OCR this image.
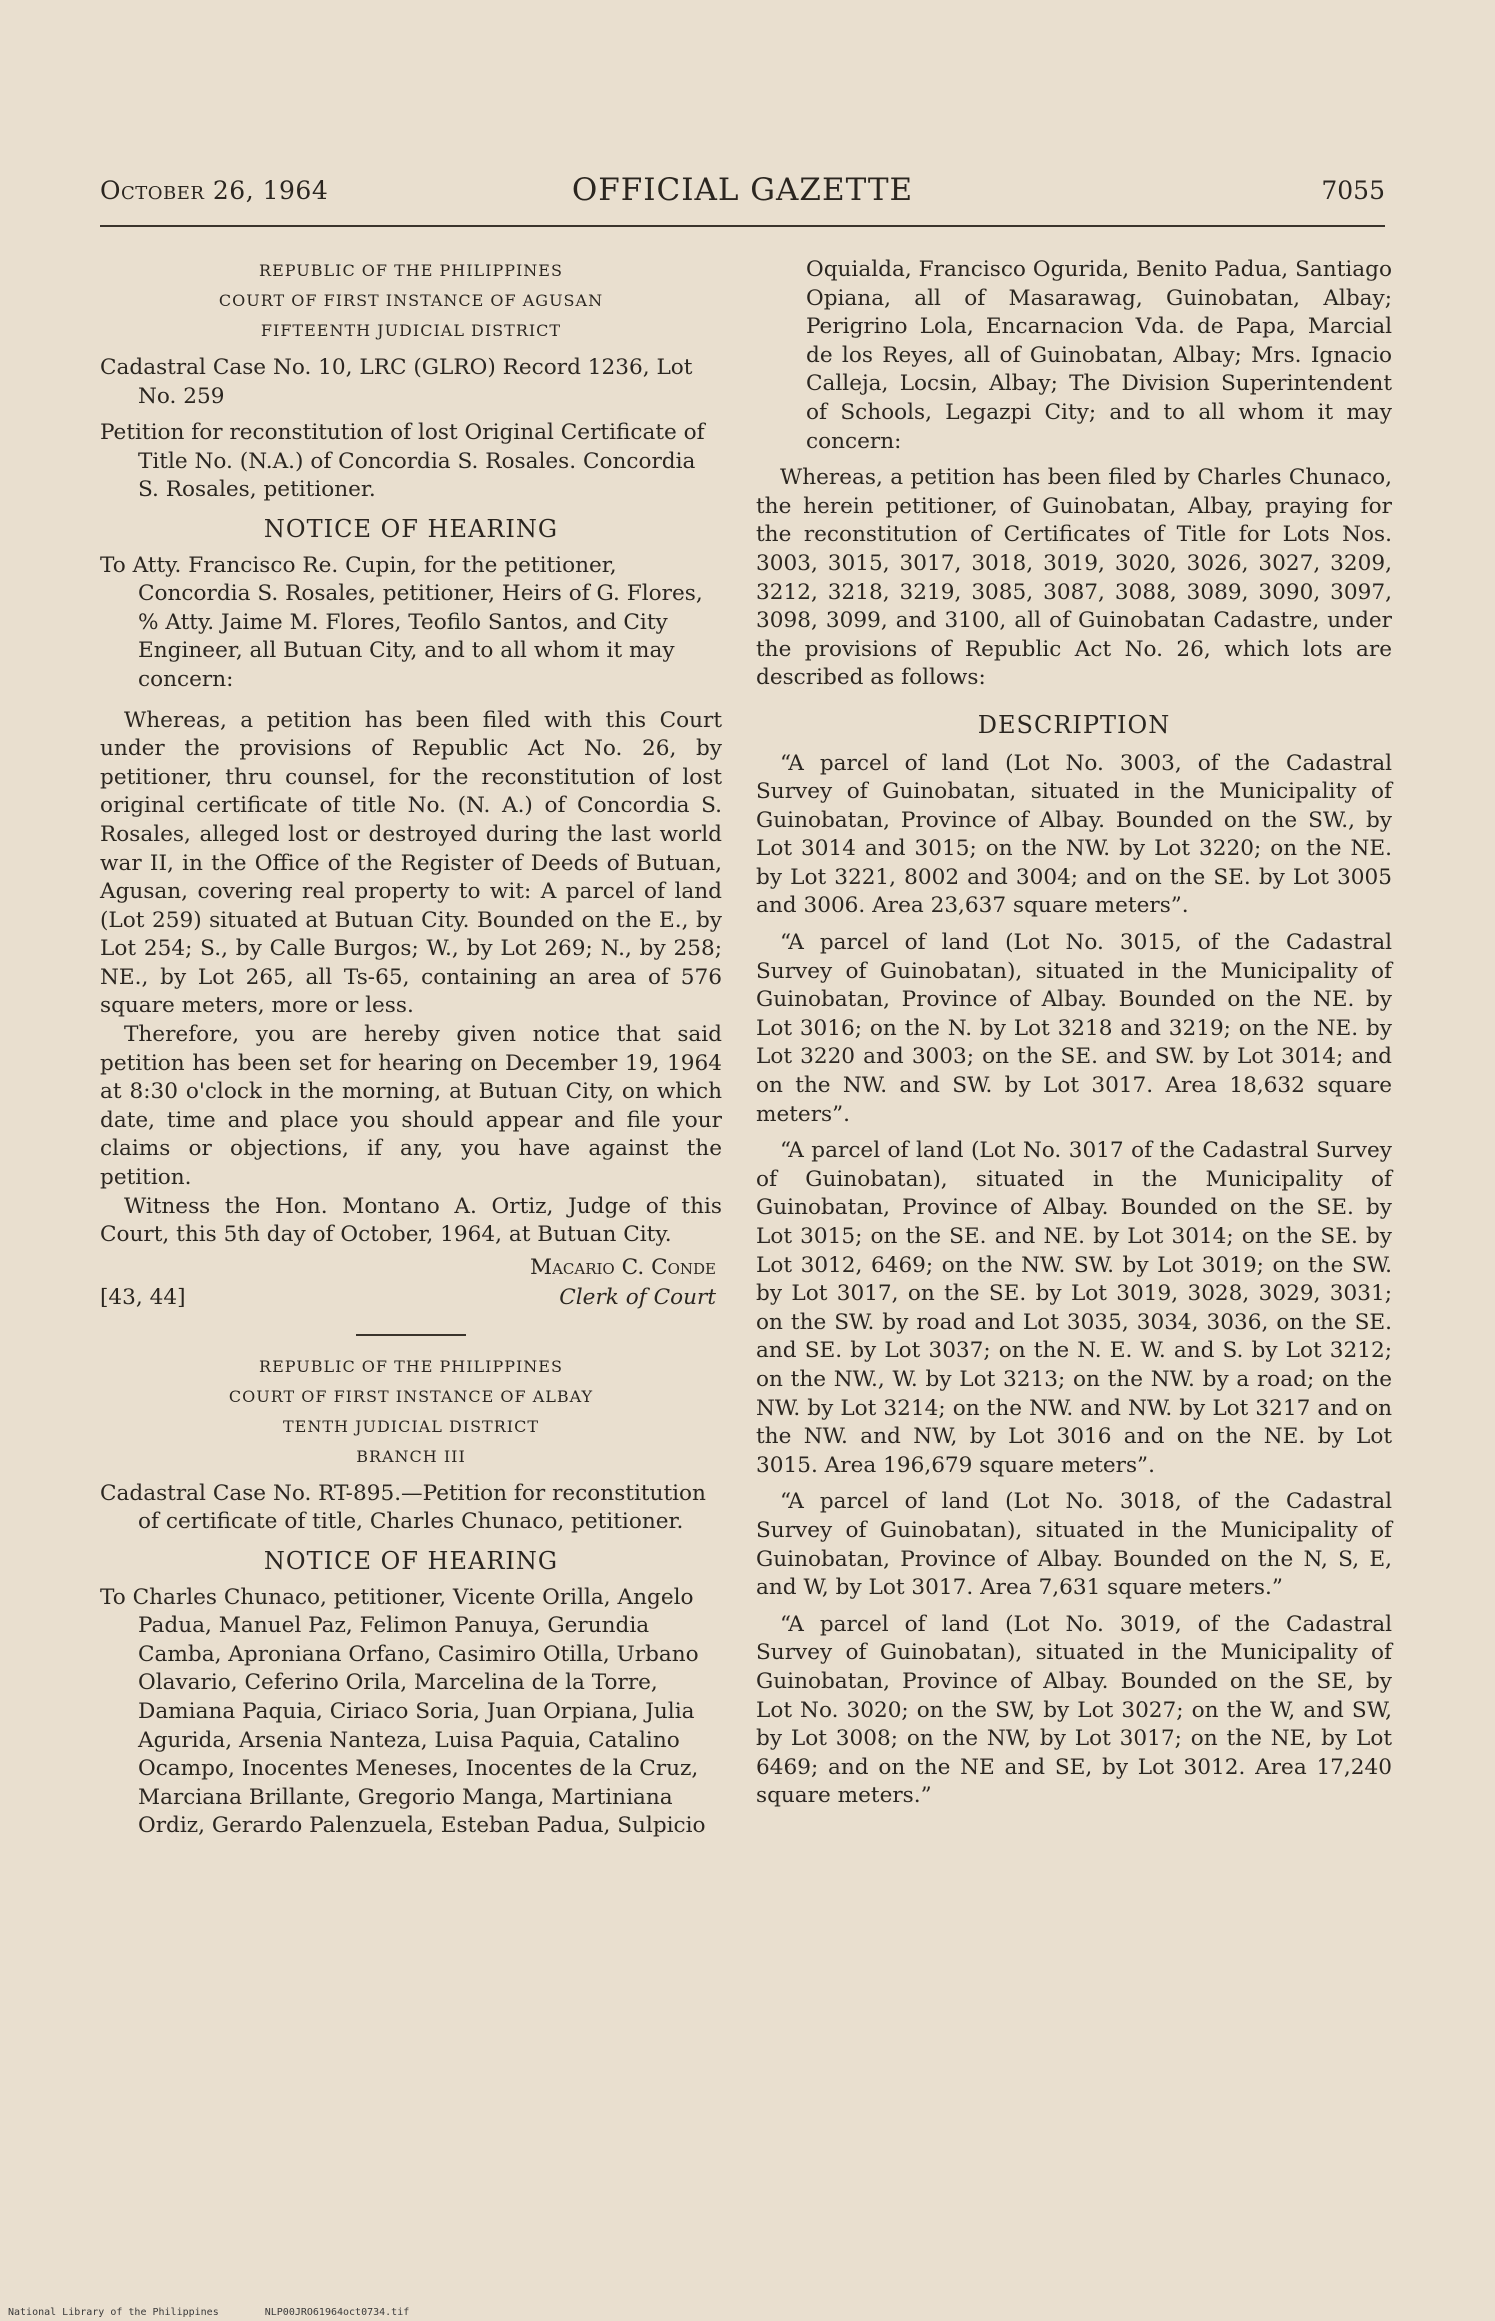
October 26, 1964	OFFICIAL GAZETTE	7055
REPUBLIC OF THE PHILIPPINES
COURT OF FIRST INSTANCE OF AGUSAN
FIFTEENTH JUDICIAL DISTRICT
Cadastral Case No. 10, LRC (GLRO) Record 1236, Lot No. 259
Petition for reconstitution of lost Original Certificate of Title No. (N.A.) of Concordia S. Rosales. Concordia S. Rosales, petitioner.
NOTICE OF HEARING
To Atty. Francisco Re. Cupin, for the petitioner, Concordia S. Rosales, petitioner, Heirs of G. Flores, % Atty. Jaime M. Flores, Teofilo Santos, and City Engineer, all Butuan City, and to all whom it may concern:

Whereas, a petition has been filed with this Court under the provisions of Republic Act No. 26, by petitioner, thru counsel, for the reconstitution of lost original certificate of title No. (N. A.) of Concordia S. Rosales, alleged lost or destroyed during the last world war II, in the Office of the Register of Deeds of Butuan, Agusan, covering real property to wit: A parcel of land (Lot 259) situated at Butuan City. Bounded on the E., by Lot 254; S., by Calle Burgos; W., by Lot 269; N., by 258; NE., by Lot 265, all Ts-65, containing an area of 576 square meters, more or less.

Therefore, you are hereby given notice that said petition has been set for hearing on December 19, 1964 at 8:30 o'clock in the morning, at Butuan City, on which date, time and place you should appear and file your claims or objections, if any, you have against the petition.

Witness the Hon. Montano A. Ortiz, Judge of this Court, this 5th day of October, 1964, at Butuan City.

Macario C. Conde
[43, 44]	Clerk of Court
REPUBLIC OF THE PHILIPPINES
COURT OF FIRST INSTANCE OF ALBAY
TENTH JUDICIAL DISTRICT
BRANCH III
Cadastral Case No. RT-895.—Petition for reconstitution of certificate of title, Charles Chunaco, petitioner.
NOTICE OF HEARING
To Charles Chunaco, petitioner, Vicente Orilla, Angelo Padua, Manuel Paz, Felimon Panuya, Gerundia Camba, Aproniana Orfano, Casimiro Otilla, Urbano Olavario, Ceferino Orila, Marcelina de la Torre, Damiana Paquia, Ciriaco Soria, Juan Orpiana, Julia Agurida, Arsenia Nanteza, Luisa Paquia, Catalino Ocampo, Inocentes Meneses, Inocentes de la Cruz, Marciana Brillante, Gregorio Manga, Martiniana Ordiz, Gerardo Palenzuela, Esteban Padua, Sulpicio
Oquialda, Francisco Ogurida, Benito Padua, Santiago Opiana, all of Masarawag, Guinobatan, Albay; Perigrino Lola, Encarnacion Vda. de Papa, Marcial de los Reyes, all of Guinobatan, Albay; Mrs. Ignacio Calleja, Locsin, Albay; The Division Superintendent of Schools, Legazpi City; and to all whom it may concern:

Whereas, a petition has been filed by Charles Chunaco, the herein petitioner, of Guinobatan, Albay, praying for the reconstitution of Certificates of Title for Lots Nos. 3003, 3015, 3017, 3018, 3019, 3020, 3026, 3027, 3209, 3212, 3218, 3219, 3085, 3087, 3088, 3089, 3090, 3097, 3098, 3099, and 3100, all of Guinobatan Cadastre, under the provisions of Republic Act No. 26, which lots are described as follows:

DESCRIPTION

“A parcel of land (Lot No. 3003, of the Cadastral Survey of Guinobatan, situated in the Municipality of Guinobatan, Province of Albay. Bounded on the SW., by Lot 3014 and 3015; on the NW. by Lot 3220; on the NE. by Lot 3221, 8002 and 3004; and on the SE. by Lot 3005 and 3006. Area 23,637 square meters”.

“A parcel of land (Lot No. 3015, of the Cadastral Survey of Guinobatan), situated in the Municipality of Guinobatan, Province of Albay. Bounded on the NE. by Lot 3016; on the N. by Lot 3218 and 3219; on the NE. by Lot 3220 and 3003; on the SE. and SW. by Lot 3014; and on the NW. and SW. by Lot 3017. Area 18,632 square meters”.

“A parcel of land (Lot No. 3017 of the Cadastral Survey of Guinobatan), situated in the Municipality of Guinobatan, Province of Albay. Bounded on the SE. by Lot 3015; on the SE. and NE. by Lot 3014; on the SE. by Lot 3012, 6469; on the NW. SW. by Lot 3019; on the SW. by Lot 3017, on the SE. by Lot 3019, 3028, 3029, 3031; on the SW. by road and Lot 3035, 3034, 3036, on the SE. and SE. by Lot 3037; on the N. E. W. and S. by Lot 3212; on the NW., W. by Lot 3213; on the NW. by a road; on the NW. by Lot 3214; on the NW. and NW. by Lot 3217 and on the NW. and NW, by Lot 3016 and on the NE. by Lot 3015. Area 196,679 square meters”.

“A parcel of land (Lot No. 3018, of the Cadastral Survey of Guinobatan), situated in the Municipality of Guinobatan, Province of Albay. Bounded on the N, S, E, and W, by Lot 3017. Area 7,631 square meters.”

“A parcel of land (Lot No. 3019, of the Cadastral Survey of Guinobatan), situated in the Municipality of Guinobatan, Province of Albay. Bounded on the SE, by Lot No. 3020; on the SW, by Lot 3027; on the W, and SW, by Lot 3008; on the NW, by Lot 3017; on the NE, by Lot 6469; and on the NE and SE, by Lot 3012. Area 17,240 square meters.”

National Library of the Philippines	NLP00JRO61964oct0734.tif
